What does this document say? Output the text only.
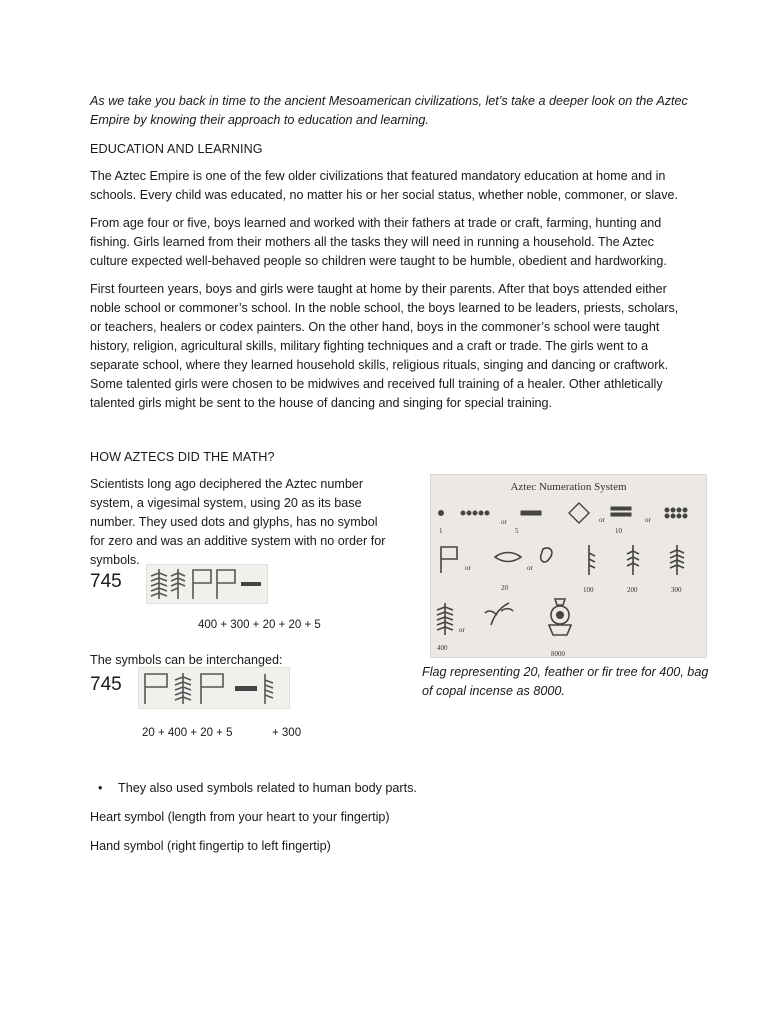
As we take you back in time to the ancient Mesoamerican civilizations, let’s take a deeper look on the Aztec Empire by knowing their approach to education and learning.

EDUCATION AND LEARNING

The Aztec Empire is one of the few older civilizations that featured mandatory education at home and in schools. Every child was educated, no matter his or her social status, whether noble, commoner, or slave.

From age four or five, boys learned and worked with their fathers at trade or craft, farming, hunting and fishing. Girls learned from their mothers all the tasks they will need in running a household. The Aztec culture expected well-behaved people so children were taught to be humble, obedient and hardworking.

First fourteen years, boys and girls were taught at home by their parents. After that boys attended either noble school or commoner’s school. In the noble school, the boys learned to be leaders, priests, scholars, or teachers, healers or codex painters. On the other hand, boys in the commoner’s school were taught history, religion, agricultural skills, military fighting techniques and a craft or trade. The girls went to a separate school, where they learned household skills, religious rituals, singing and dancing or craftwork. Some talented girls were chosen to be midwives and received full training of a healer. Other athletically talented girls might be sent to the house of dancing and singing for special training.

HOW AZTECS DID THE MATH?

Scientists long ago deciphered the Aztec number system, a vigesimal system, using 20 as its base number. They used dots and glyphs, has no symbol for zero and was an additive system with no order for symbols.

745
400 + 300 + 20 + 20 + 5

The symbols can be interchanged:

745
20 + 400 + 20 + 5	+ 300
Aztec Numeration System
1
or
5
or
10
or
or	or
20	100	200	300
or
400
8000

Flag representing 20, feather or fir tree for 400, bag of copal incense as 8000.

• They also used symbols related to human body parts.

Heart symbol (length from your heart to your fingertip)

Hand symbol (right fingertip to left fingertip)
